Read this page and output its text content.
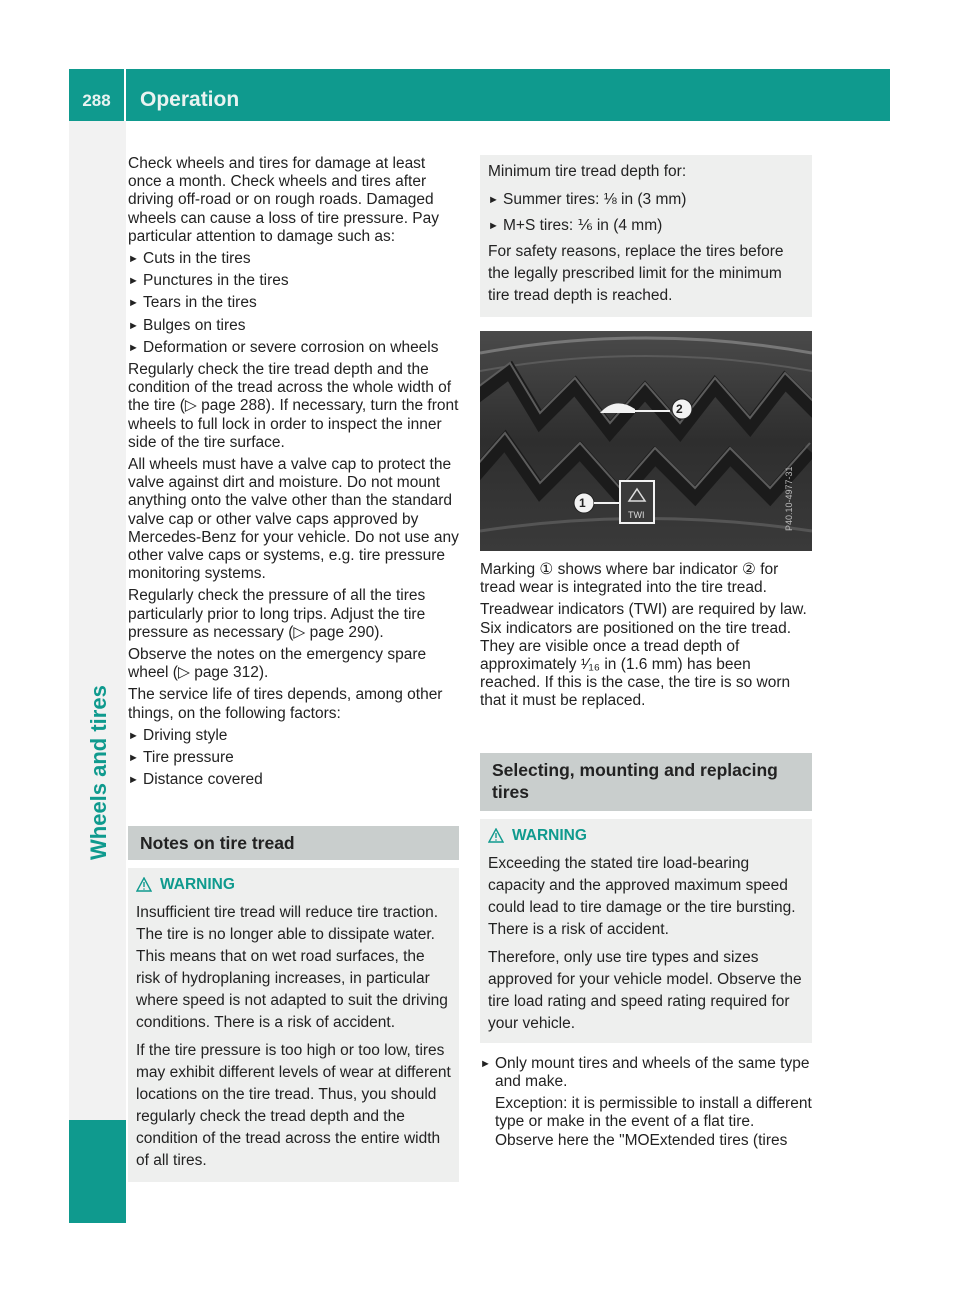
288	Operation
Wheels and tires

Check wheels and tires for damage at least once a month. Check wheels and tires after driving off-road or on rough roads. Damaged wheels can cause a loss of tire pressure. Pay particular attention to damage such as:

► Cuts in the tires
► Punctures in the tires
► Tears in the tires
► Bulges on tires
► Deformation or severe corrosion on wheels

Regularly check the tire tread depth and the condition of the tread across the whole width of the tire (▷ page 288). If necessary, turn the front wheels to full lock in order to inspect the inner side of the tire surface.

All wheels must have a valve cap to protect the valve against dirt and moisture. Do not mount anything onto the valve other than the standard valve cap or other valve caps approved by Mercedes-Benz for your vehicle. Do not use any other valve caps or systems, e.g. tire pressure monitoring systems.

Regularly check the pressure of all the tires particularly prior to long trips. Adjust the tire pressure as necessary (▷ page 290).

Observe the notes on the emergency spare wheel (▷ page 312).

The service life of tires depends, among other things, on the following factors:

► Driving style
► Tire pressure
► Distance covered
Notes on tire tread
WARNING

Insufficient tire tread will reduce tire traction. The tire is no longer able to dissipate water. This means that on wet road surfaces, the risk of hydroplaning increases, in particular where speed is not adapted to suit the driving conditions. There is a risk of accident.

If the tire pressure is too high or too low, tires may exhibit different levels of wear at different locations on the tire tread. Thus, you should regularly check the tread depth and the condition of the tread across the entire width of all tires.

Minimum tire tread depth for:

► Summer tires: ⅛ in (3 mm)
► M+S tires: ⅙ in (4 mm)

For safety reasons, replace the tires before the legally prescribed limit for the minimum tire tread depth is reached.

2
1
TWI	P40.10-4977-31

Marking ① shows where bar indicator ② for tread wear is integrated into the tire tread.

Treadwear indicators (TWI) are required by law. Six indicators are positioned on the tire tread. They are visible once a tread depth of approximately ¹⁄₁₆ in (1.6 mm) has been reached. If this is the case, the tire is so worn that it must be replaced.

Selecting, mounting and replacing tires
WARNING

Exceeding the stated tire load-bearing capacity and the approved maximum speed could lead to tire damage or the tire bursting. There is a risk of accident.

Therefore, only use tire types and sizes approved for your vehicle model. Observe the tire load rating and speed rating required for your vehicle.

► Only mount tires and wheels of the same type and make.
Exception: it is permissible to install a different type or make in the event of a flat tire. Observe here the "MOExtended tires (tires
